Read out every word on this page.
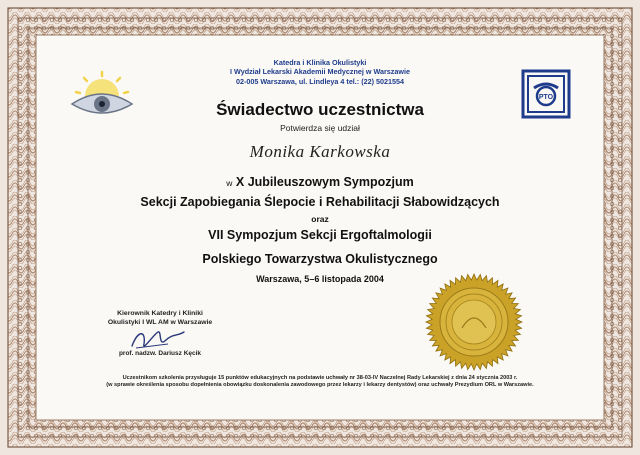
Katedra i Klinika Okulistyki
I Wydział Lekarski Akademii Medycznej w Warszawie
02-005 Warszawa, ul. Lindleya 4 tel.: (22) 5021554
PTO
Świadectwo uczestnictwa
Potwierdza się udział
Monika Karkowska
w X Jubileuszowym Sympozjum
Sekcji Zapobiegania Ślepocie i Rehabilitacji Słabowidzących
oraz
VII Sympozjum Sekcji Ergoftalmologii
Polskiego Towarzystwa Okulistycznego
Warszawa, 5–6 listopada 2004
Kierownik Katedry i Kliniki
Okulistyki I WL AM w Warszawie
prof. nadzw. Dariusz Kęcik
Uczestnikom szkolenia przysługuje 15 punktów edukacyjnych na podstawie uchwały nr 38-03-IV Naczelnej Rady Lekarskiej z dnia 24 stycznia 2003 r.
(w sprawie określenia sposobu dopełnienia obowiązku doskonalenia zawodowego przez lekarzy i lekarzy dentystów) oraz uchwały Prezydium ORL w Warszawie.
